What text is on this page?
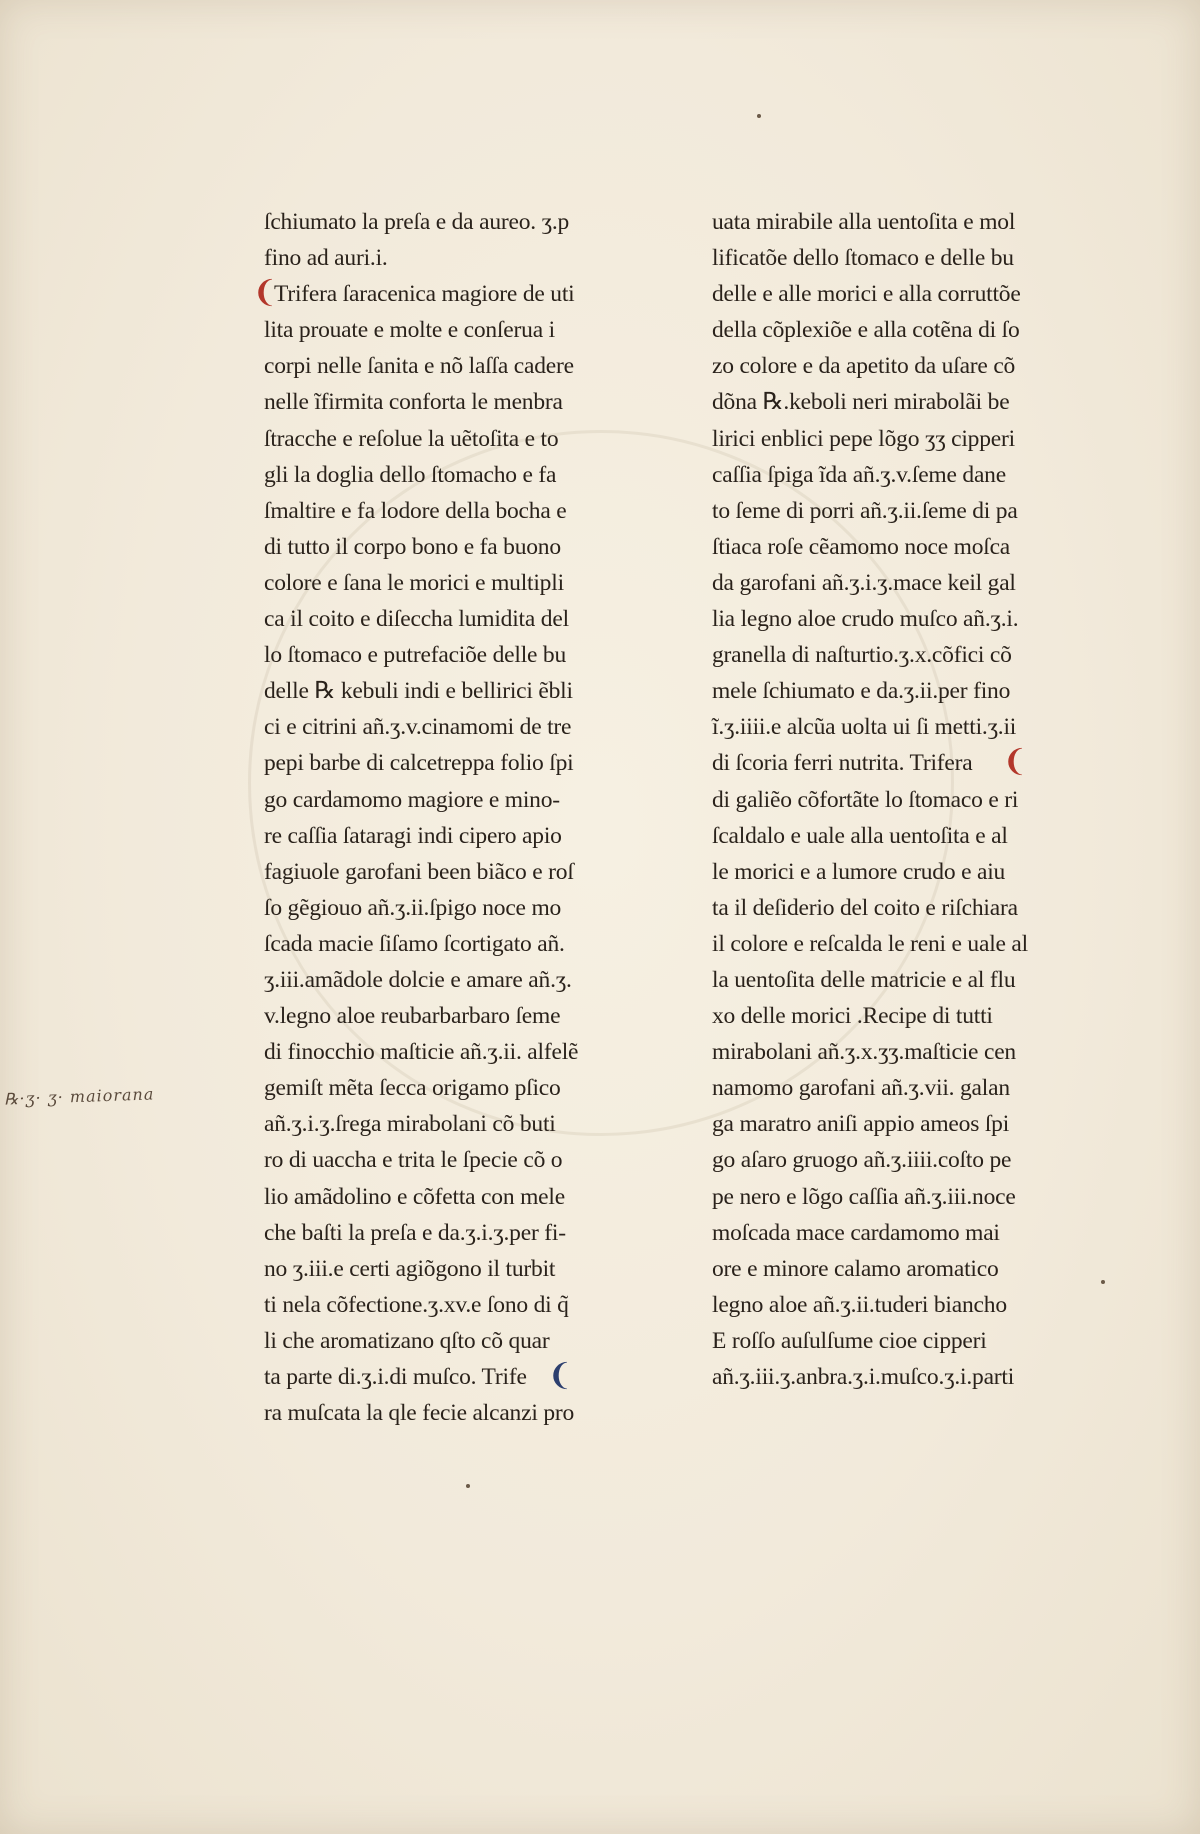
ſchiumato la preſa e da aureo. ʒ.p
fino ad auri.i.
Trifera ſaracenica magiore de uti
lita prouate e molte e conſerua i
corpi nelle ſanita e nõ laſſa cadere
nelle ĩfirmita conforta le menbra
ſtracche e reſolue la uẽtoſita e to
gli la doglia dello ſtomacho e fa
ſmaltire e fa lodore della bocha e
di tutto il corpo bono e fa buono
colore e ſana le morici e multipli
ca il coito e diſeccha lumidita del
lo ſtomaco e putrefaciõe delle bu
delle ℞ kebuli indi e bellirici ẽbli
ci e citrini añ.ʒ.v.cinamomi de tre
pepi barbe di calcetreppa folio ſpi
go cardamomo magiore e mino-
re caſſia ſataragi indi cipero apio
fagiuole garofani been biãco e roſ
ſo gẽgiouo añ.ʒ.ii.ſpigo noce mo
ſcada macie ſiſamo ſcortigato añ.
ʒ.iii.amãdole dolcie e amare añ.ʒ.
v.legno aloe reubarbarbaro ſeme
di finocchio maſticie añ.ʒ.ii. alfelẽ
gemiſt mẽta ſecca origamo pſico
añ.ʒ.i.ʒ.ſrega mirabolani cõ buti
ro di uaccha e trita le ſpecie cõ o
lio amãdolino e cõfetta con mele
che baſti la preſa e da.ʒ.i.ʒ.per fi-
no ʒ.iii.e certi agiõgono il turbit
ti nela cõfectione.ʒ.xv.e ſono di q̃
li che aromatizano qſto cõ quar
ta parte di.ʒ.i.di muſco. Trife
ra muſcata la qle fecie alcanzi pro
uata mirabile alla uentoſita e mol
lificatõe dello ſtomaco e delle bu
delle e alle morici e alla corruttõe
della cõplexiõe e alla cotẽna di ſo
zo colore e da apetito da uſare cõ
dõna ℞.keboli neri mirabolãi be
lirici enblici pepe lõgo ʒʒ cipperi
caſſia ſpiga ĩda añ.ʒ.v.ſeme dane
to ſeme di porri añ.ʒ.ii.ſeme di pa
ſtiaca roſe cẽamomo noce moſca
da garofani añ.ʒ.i.ʒ.mace keil gal
lia legno aloe crudo muſco añ.ʒ.i.
granella di naſturtio.ʒ.x.cõfici cõ
mele ſchiumato e da.ʒ.ii.per fino
ĩ.ʒ.iiii.e alcũa uolta ui ſi metti.ʒ.ii
di ſcoria ferri nutrita. Trifera
di galiẽo cõfortãte lo ſtomaco e ri
ſcaldalo e uale alla uentoſita e al
le morici e a lumore crudo e aiu
ta il deſiderio del coito e riſchiara
il colore e reſcalda le reni e uale al
la uentoſita delle matricie e al flu
xo delle morici .Recipe di tutti
mirabolani añ.ʒ.x.ʒʒ.maſticie cen
namomo garofani añ.ʒ.vii. galan
ga maratro aniſi appio ameos ſpi
go aſaro gruogo añ.ʒ.iiii.coſto pe
pe nero e lõgo caſſia añ.ʒ.iii.noce
moſcada mace cardamomo mai
ore e minore calamo aromatico
legno aloe añ.ʒ.ii.tuderi biancho
E roſſo auſulſume cioe cipperi
añ.ʒ.iii.ʒ.anbra.ʒ.i.muſco.ʒ.i.parti
❨
❨
❨
℞·ʒ· ʒ· maiorana
